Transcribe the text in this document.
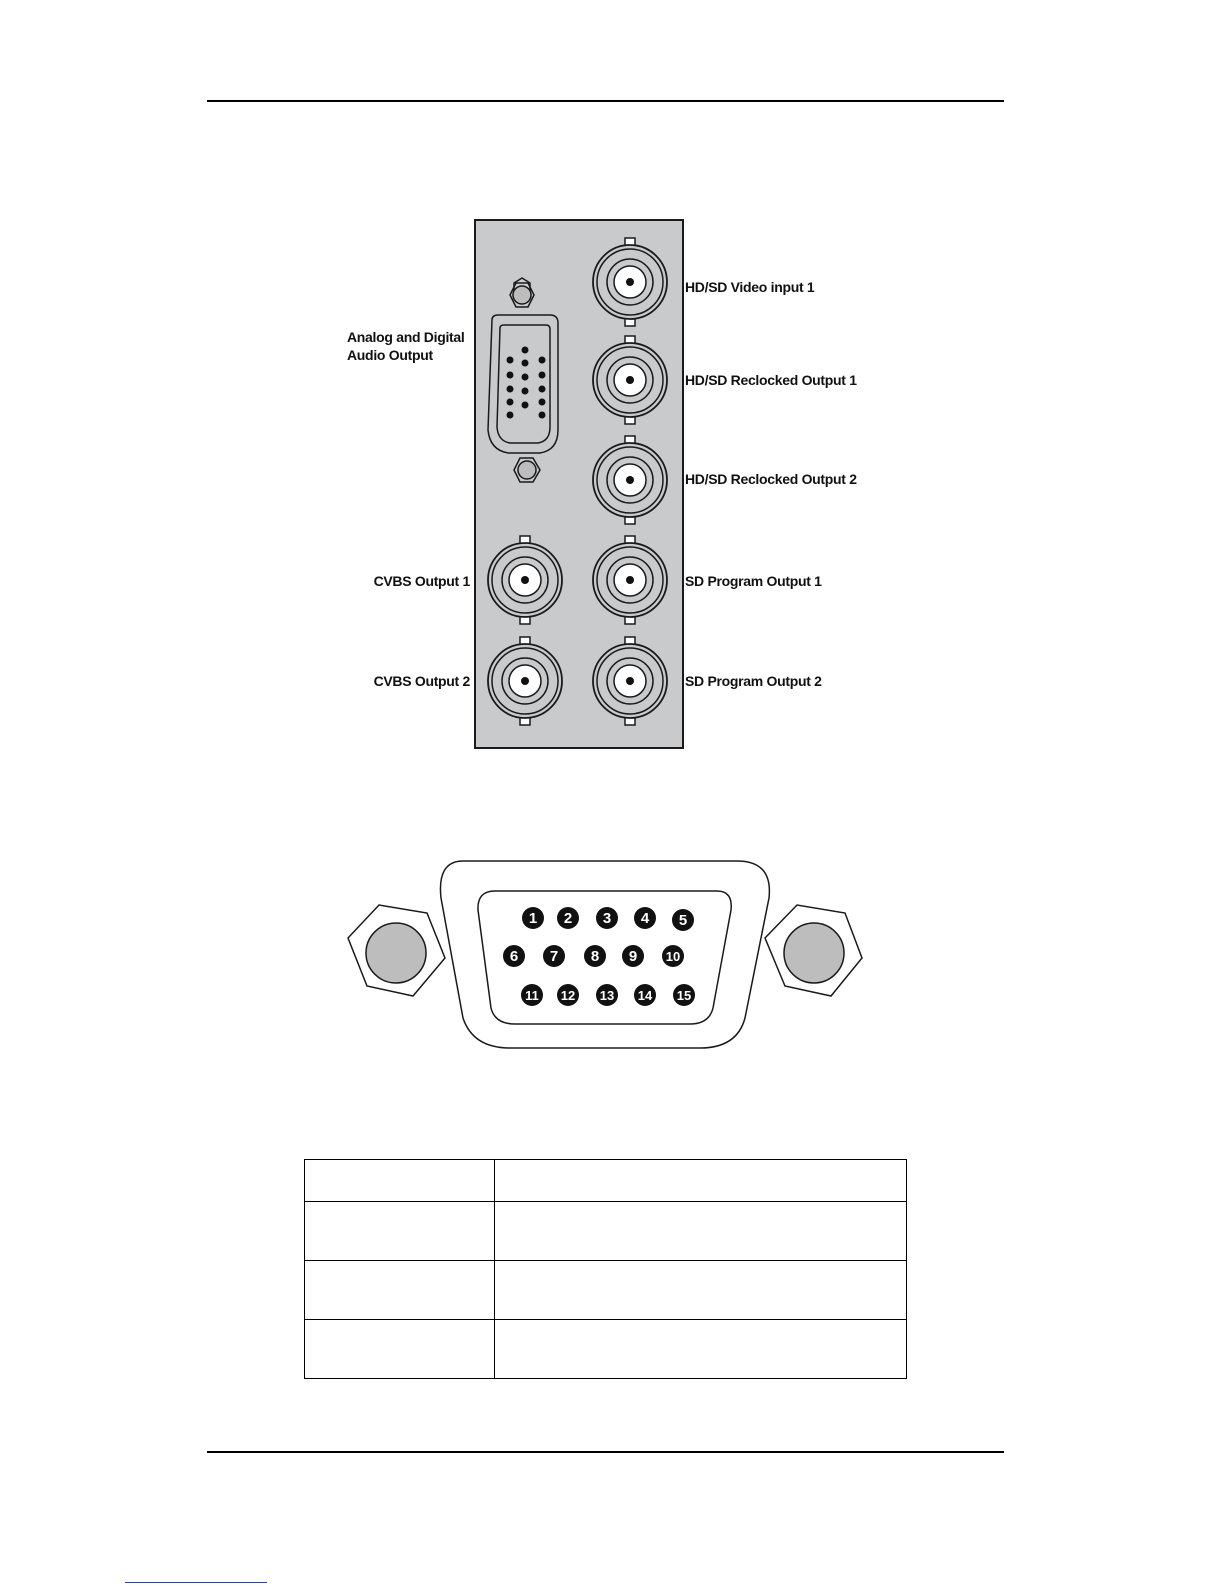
Analog and Digital
Audio Output
HD/SD Video input 1
HD/SD Reclocked Output 1
HD/SD Reclocked Output 2
SD Program Output 1
SD Program Output 2
CVBS Output 1
CVBS Output 2
1 2 3 4 5
6 7 8 9 10
11 12 13 14 15
